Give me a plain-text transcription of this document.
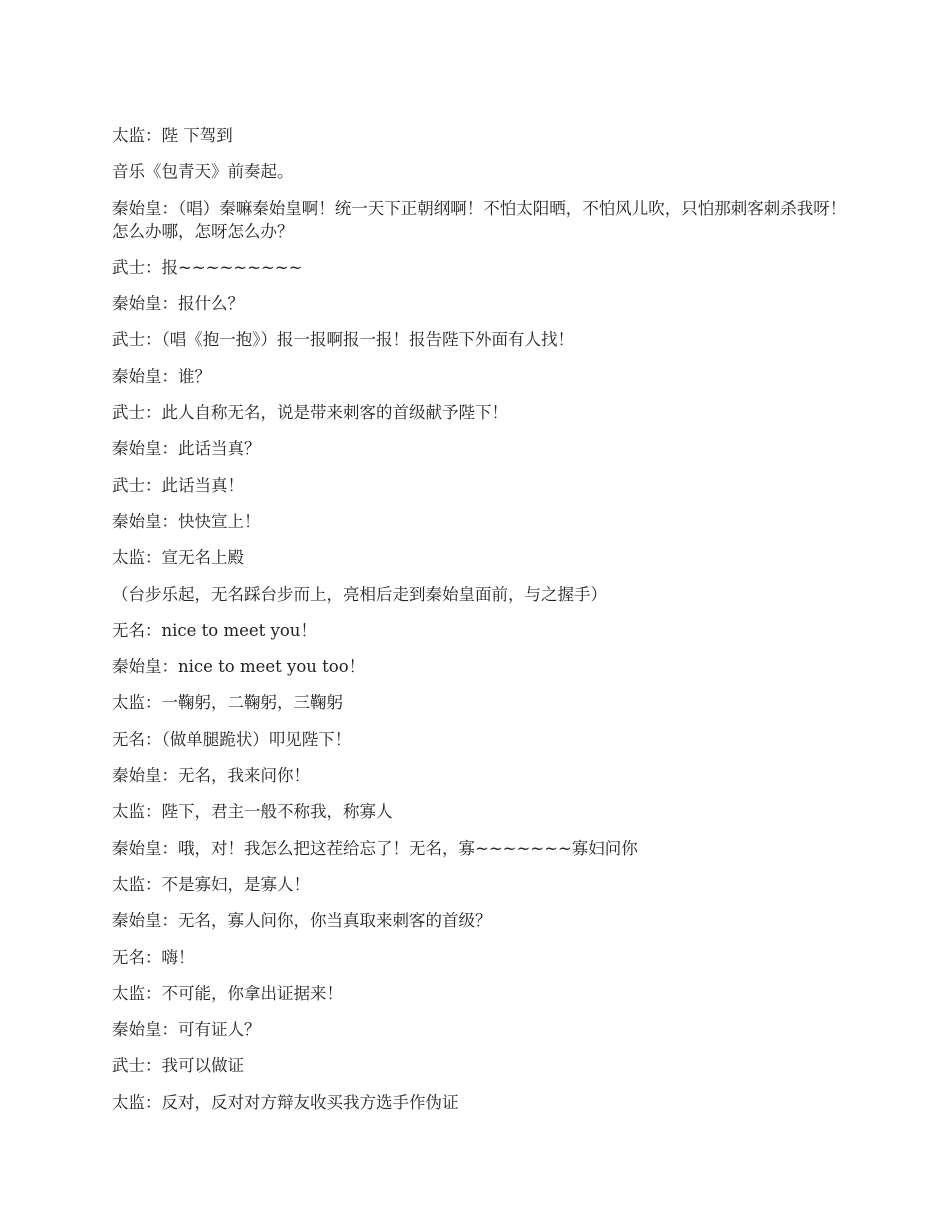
太监：陛 下驾到

音乐《包青天》前奏起。

秦始皇：（唱）秦嘛秦始皇啊！统一天下正朝纲啊！不怕太阳晒，不怕风儿吹，只怕那刺客刺杀我呀！怎么办哪，怎呀怎么办？

武士：报~~~~~~~~~

秦始皇：报什么？

武士：（唱《抱一抱》）报一报啊报一报！报告陛下外面有人找！

秦始皇：谁？

武士：此人自称无名，说是带来刺客的首级献予陛下！

秦始皇：此话当真？

武士：此话当真！

秦始皇：快快宣上！

太监：宣无名上殿

（台步乐起，无名踩台步而上，亮相后走到秦始皇面前，与之握手）

无名：nice to meet you！

秦始皇：nice to meet you too！

太监：一鞠躬，二鞠躬，三鞠躬

无名：（做单腿跪状）叩见陛下！

秦始皇：无名，我来问你！

太监：陛下，君主一般不称我，称寡人

秦始皇：哦，对！我怎么把这茬给忘了！无名，寡~~~~~~~寡妇问你

太监：不是寡妇，是寡人！

秦始皇：无名，寡人问你，你当真取来刺客的首级？

无名：嗨！

太监：不可能，你拿出证据来！

秦始皇：可有证人？

武士：我可以做证

太监：反对，反对对方辩友收买我方选手作伪证
